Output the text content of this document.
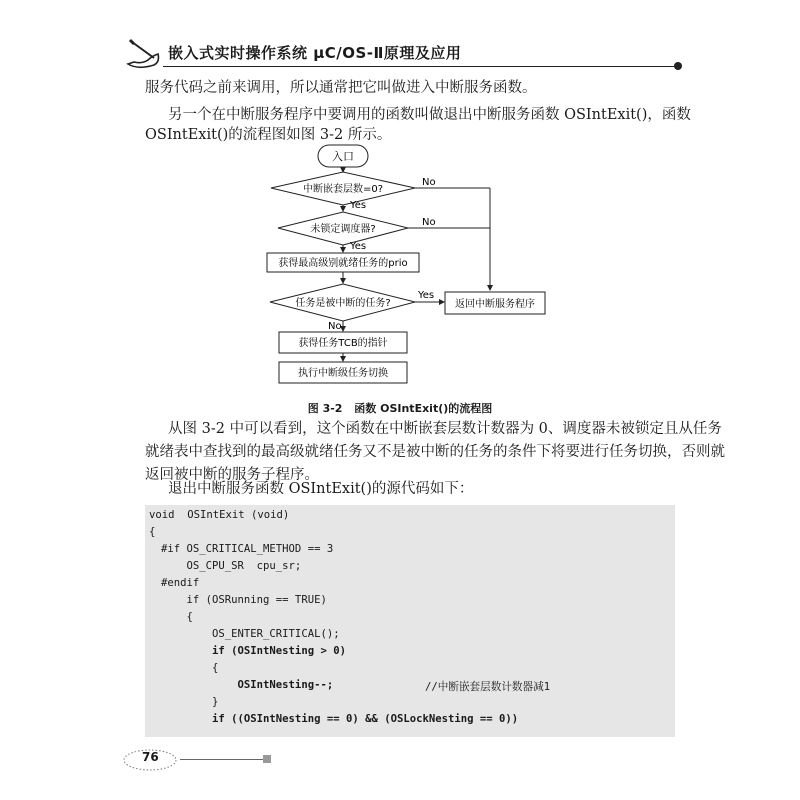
嵌入式实时操作系统 μC/OS-Ⅱ原理及应用
服务代码之前来调用，所以通常把它叫做进入中断服务函数。
另一个在中断服务程序中要调用的函数叫做退出中断服务函数 OSIntExit()，函数
OSIntExit()的流程图如图 3-2 所示。
入口
中断嵌套层数=0?
Yes
No
未锁定调度器?
Yes
No
获得最高级别就绪任务的prio
任务是被中断的任务?
Yes
No
返回中断服务程序
获得任务TCB的指针
执行中断级任务切换
图 3-2 函数 OSIntExit()的流程图
从图 3-2 中可以看到，这个函数在中断嵌套层数计数器为 0、调度器未被锁定且从任务
就绪表中查找到的最高级就绪任务又不是被中断的任务的条件下将要进行任务切换，否则就
返回被中断的服务子程序。
退出中断服务函数 OSIntExit()的源代码如下：
void  OSIntExit (void)
{
#if OS_CRITICAL_METHOD == 3
OS_CPU_SR  cpu_sr;
#endif
if (OSRunning == TRUE)
{
OS_ENTER_CRITICAL();
if (OSIntNesting > 0)
{
OSIntNesting--;	//中断嵌套层数计数器减1
}
if ((OSIntNesting == 0) && (OSLockNesting == 0))
76
